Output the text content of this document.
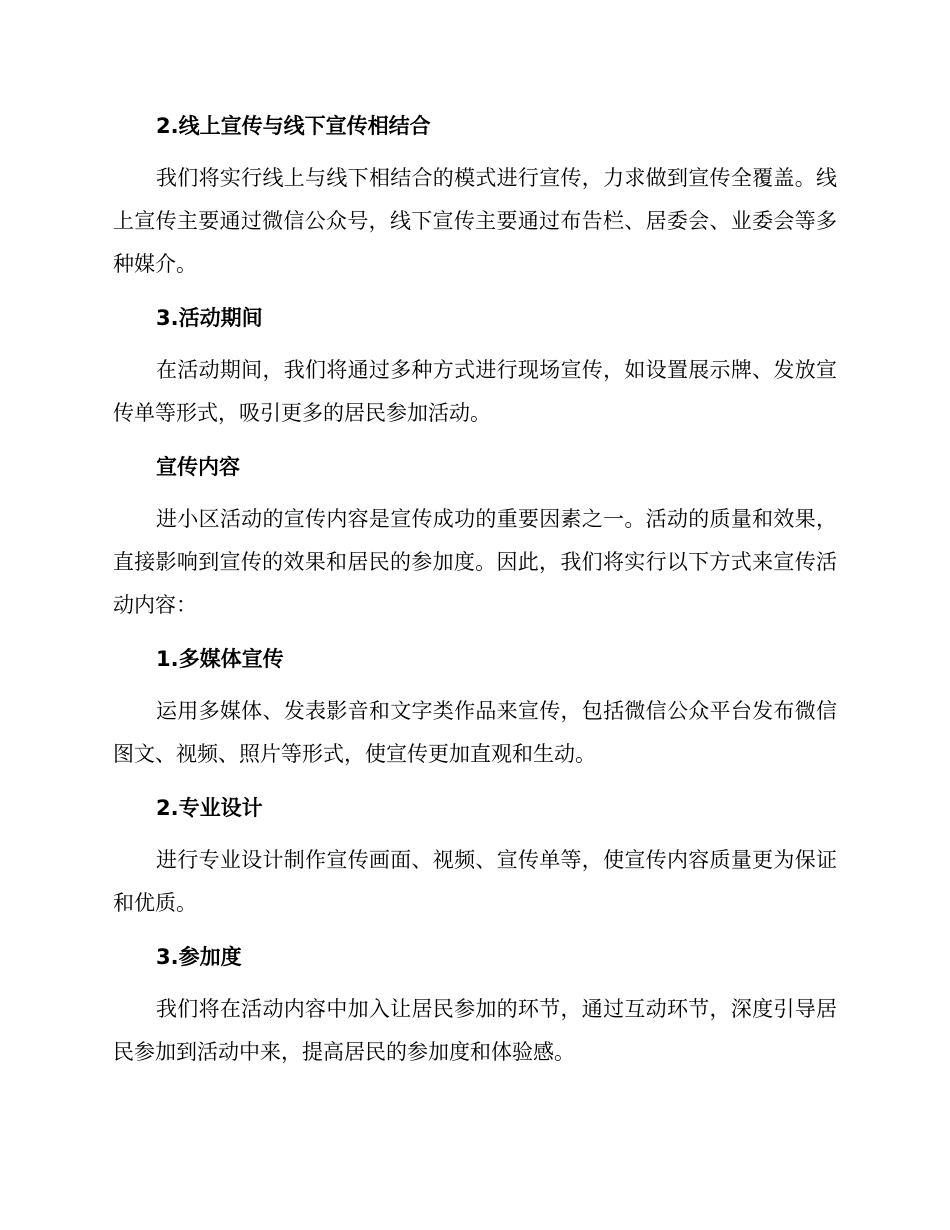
2.线上宣传与线下宣传相结合

我们将实行线上与线下相结合的模式进行宣传，力求做到宣传全覆盖。线上宣传主要通过微信公众号，线下宣传主要通过布告栏、居委会、业委会等多种媒介。

3.活动期间

在活动期间，我们将通过多种方式进行现场宣传，如设置展示牌、发放宣传单等形式，吸引更多的居民参加活动。

宣传内容

进小区活动的宣传内容是宣传成功的重要因素之一。活动的质量和效果，直接影响到宣传的效果和居民的参加度。因此，我们将实行以下方式来宣传活动内容：

1.多媒体宣传

运用多媒体、发表影音和文字类作品来宣传，包括微信公众平台发布微信图文、视频、照片等形式，使宣传更加直观和生动。

2.专业设计

进行专业设计制作宣传画面、视频、宣传单等，使宣传内容质量更为保证和优质。

3.参加度

我们将在活动内容中加入让居民参加的环节，通过互动环节，深度引导居民参加到活动中来，提高居民的参加度和体验感。
